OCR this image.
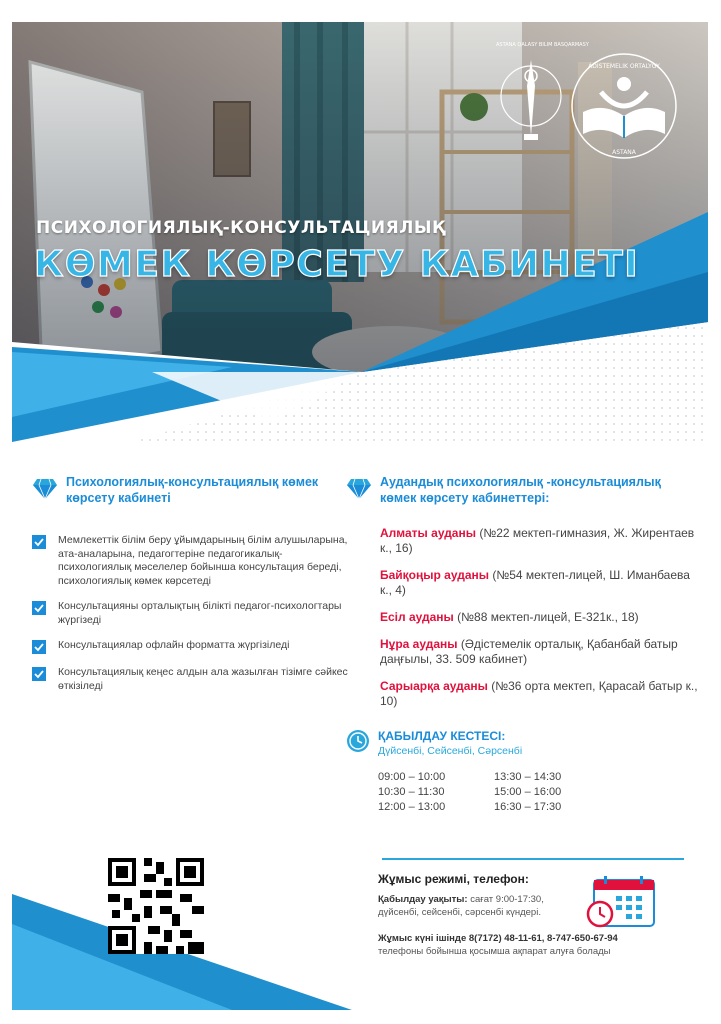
ПСИХОЛОГИЯЛЫҚ-КОНСУЛЬТАЦИЯЛЫҚ
КӨМЕК КӨРСЕТУ КАБИНЕТІ
ASTANA QALASY BILIM BASQARMASY
ÁDISTEMELIK ORTALYGY
ASTANA
Психологиялық-консультациялық көмек көрсету кабинеті
Мемлекеттік білім беру ұйымдарының білім алушыларына, ата-аналарына, педагогтеріне педагогикалық-психологиялық мәселелер бойынша консультация береді, психологиялық көмек көрсетеді
Консультацияны орталықтың білікті педагог-психологтары жүргізеді
Консультациялар офлайн форматта жүргізіледі
Консультациялық кеңес алдын ала жазылған тізімге сәйкес өткізіледі
Аудандық психологиялық -консультациялық көмек көрсету кабинеттері:
Алматы ауданы (№22 мектеп-гимназия, Ж. Жирентаев к., 16)
Байқоңыр ауданы (№54 мектеп-лицей, Ш. Иманбаева к., 4)
Есіл ауданы (№88 мектеп-лицей, Е-321к., 18)
Нұра ауданы (Әдістемелік орталық, Қабанбай батыр даңғылы, 33. 509 кабинет)
Сарыарқа ауданы (№36 орта мектеп, Қарасай батыр к., 10)
ҚАБЫЛДАУ КЕСТЕСІ:
Дүйсенбі, Сейсенбі, Сәрсенбі
09:00 – 10:00	13:30 – 14:30
10:30 – 11:30	15:00 – 16:00
12:00 – 13:00	16:30 – 17:30
Жұмыс режимі, телефон:
Қабылдау уақыты: сағат 9:00-17:30, дүйсенбі, сейсенбі, сәрсенбі күндері.
Жұмыс күні ішінде 8(7172) 48-11-61, 8-747-650-67-94
телефоны бойынша қосымша ақпарат алуға болады
